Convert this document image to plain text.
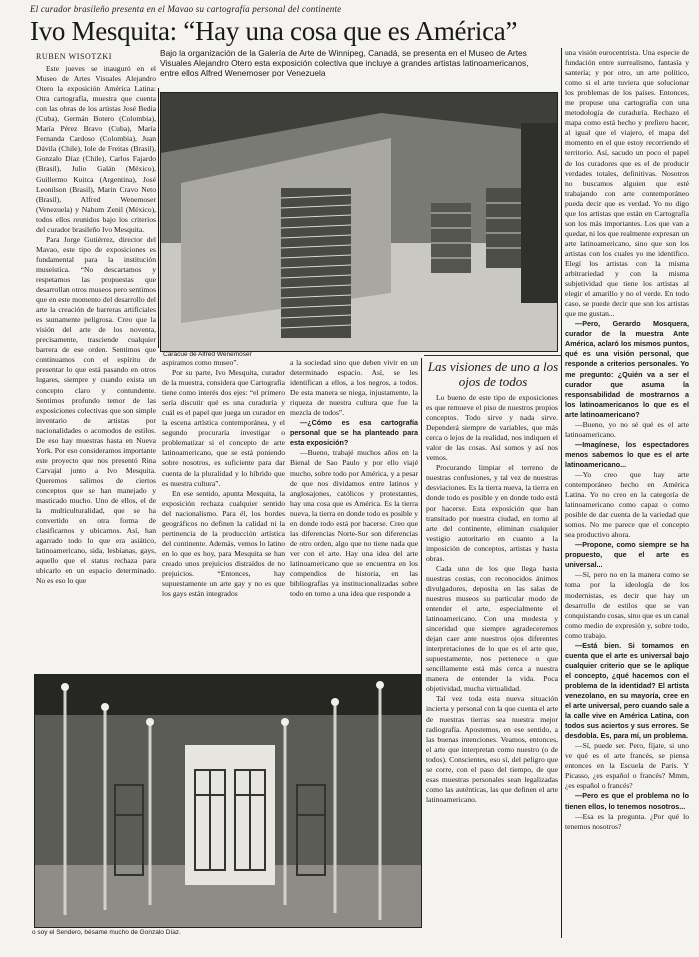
El curador brasileño presenta en el Mavao su cartografía personal del continente
Ivo Mesquita: “Hay una cosa que es América”
RUBEN WISOTZKI	Bajo la organización de la Galería de Arte de Winnipeg, Canadá, se presenta en el Museo de Artes Visuales Alejandro Otero esta exposición colectiva que incluye a grandes artistas latinoamericanos, entre ellos Alfred Wenemoser por Venezuela
Caracue de Alfred Wenemoser

Este jueves se inauguró en el Museo de Artes Visuales Alejandro Otero la exposición América Latina: Otra cartografía, muestra que cuenta con las obras de los artistas José Bedia (Cuba), Germán Botero (Colombia), María Pérez Bravo (Cuba), María Fernanda Cardoso (Colombia), Juan Dávila (Chile), Iole de Freitas (Brasil), Gonzalo Díaz (Chile), Carlos Fajardo (Brasil), Julio Galán (México), Guillermo Kuitca (Argentina), José Leonilson (Brasil), Marin Cravo Neto (Brasil), Alfred Wenemoser (Venezuela) y Nahum Zenil (México), todos ellos reunidos bajo los criterios del curador brasileño Ivo Mesquita.

Para Jorge Gutiérrez, director del Mavao, este tipo de exposiciones es fundamental para la institución museística. “No descartamos y respetamos las propuestas que desarrollan otros museos pero sentimos que en este momento del desarrollo del arte la creación de barreras artificiales es sumamente peligrosa. Creo que la visión del arte de los noventa, precisamente, trasciende cualquier barrera de ese orden. Sentimos que continuamos con el espíritu de presentar lo que está pasando en otros lugares, siempre y cuando exista un concepto claro y contundente. Sentimos profundo temor de las exposiciones colectivas que son simple inventario de artistas por nacionalidades o acomodos de estilos. De eso hay muestras hasta en Nueva York. Por eso consideramos importante este proyecto que nos presentó Rina Carvajal junto a Ivo Mesquita. Queremos salirnos de ciertos conceptos que se han manejado y masticado mucho. Uno de ellos, el de la multiculturalidad, que se ha convertido en otra forma de clasificarnos y ubicarnos. Así, han agarrado todo lo que era asiático, latinoamericano, sida, lesbianas, gays, aquello que el status rechaza para ubicarlo en un espacio determinado. No es eso lo que

aspiramos como museo”.

Por su parte, Ivo Mesquita, curador de la muestra, considera que Cartografía tiene como interés dos ejes: “el primero sería discutir qué es una curaduría y cuál es el papel que juega un curador en la escena artística contemporánea, y el segundo procuraría investigar o problematizar si el concepto de arte latinoamericano, que se está poniendo sobre nosotros, es suficiente para dar cuenta de la pluralidad y lo híbrido que es nuestra cultura”.

En ese sentido, apunta Mesquita, la exposición rechaza cualquier sentido del nacionalismo. Para él, los bordes geográficos no definen la calidad ni la pertinencia de la producción artística del continente. Además, vemos lo latino en lo que es hoy, para Mesquita se han creado unos prejuicios distraídos de no prejuicios. “Entonces, hay supuestamente un arte gay y no es que los gays están integrados

a la sociedad sino que deben vivir en un determinado espacio. Así, se les identifican a ellos, a los negros, a todos. De esta manera se niega, injustamente, la riqueza de nuestra cultura que fue la mezcla de todos”.

—¿Cómo es esa cartografía personal que se ha planteado para esta exposición?

—Bueno, trabajé muchos años en la Bienal de Sao Paulo y por ello viajé mucho, sobre todo por América, y a pesar de que nos dividamos entre latinos y anglosajones, católicos y protestantes, hay una cosa que es América. Es la tierra nueva, la tierra en donde todo es posible y en donde todo está por hacerse. Creo que las diferencias Norte-Sur son diferencias de otro orden, algo que no tiene nada que ver con el arte. Hay una idea del arte latinoamericano que se encuentra en los compendios de historia, en las bibliografías ya institucionalizadas sobre todo en torno a una idea que responde a

Las visiones de uno a los ojos de todos

Lo bueno de este tipo de exposiciones es que remueve el piso de nuestros propios conceptos. Todo sirve y nada sirve. Dependerá siempre de variables, que más cerca o lejos de la realidad, nos indiquen el valor de las cosas. Así somos y así nos vemos.

Procurando limpiar el terreno de nuestras confusiones, y tal vez de nuestras desviaciones. Es la tierra nueva, la tierra en donde todo es posible y en donde todo está por hacerse. Esta exposición que han transitado por nuestra ciudad, en torno al arte del continente, eliminan cualquier vestigio autoritario en cuanto a la imposición de conceptos, artistas y hasta obras.

Cada uno de los que llega hasta nuestras costas, con reconocidos ánimos divulgadores, deposita en las salas de nuestros museos su particular modo de entender el arte, especialmente el latinoamericano. Con una modesta y sinceridad que siempre agradeceremos dejan caer ante nuestros ojos diferentes interpretaciones de lo que es el arte que, supuestamente, nos pertenece o que sencillamente está más cerca a nuestra manera de entender la vida. Poca objetividad, mucha virtualidad.

Tal vez toda esta nueva situación incierta y personal con la que cuenta el arte de nuestras tierras sea nuestra mejor radiografía. Apostemos, en ese sentido, a las buenas intenciones. Veamos, entonces, el arte que interpretan como nuestro (o de todos). Conscientes, eso sí, del peligro que se corre, con el paso del tiempo, de que esas muestras personales sean legalizadas como las auténticas, las que definen el arte latinoamericano.

una visión eurocentrista. Una especie de fundación entre surrealismo, fantasía y santería; y por otro, un arte político, como si el arte tuviera que solucionar los problemas de los países. Entonces, me propuse una cartografía con una metodología de curaduría. Rechazo el mapa como está hecho y prefiero hacer, al igual que el viajero, el mapa del momento en el que estoy recorriendo el territorio. Así, sacudo un poco el papel de los curadores que es el de producir verdades totales, definitivas. Nosotros no buscamos alguien que esté trabajando con arte contemporáneo pueda decir que es verdad. Yo no digo que los artistas que están en Cartografía son los más importantes. Los que van a quedar, ni los que realmente expresan un arte latinoamericano, sino que son los artistas con los cuales yo me identifico. Elegí los artistas con la misma arbitrariedad y con la misma subjetividad que tiene los artistas al elegir el amarillo y no el verde. En todo caso, se puede decir que son los artistas que me gustan...

—Pero, Gerardo Mosquera, curador de la muestra Ante América, aclaró los mismos puntos, qué es una visión personal, que responde a criterios personales. Yo me pregunto: ¿Quién va a ser el curador que asuma la responsabilidad de mostrarnos a los latinoamericanos lo que es el arte latinoamericano?

—Bueno, yo no sé qué es el arte latinoamericano.

—Imagínese, los espectadores menos sabemos lo que es el arte latinoamericano...

—Yo creo que hay arte contemporáneo hecho en América Latina. Yo no creo en la categoría de latinoamericano como capaz o como posible de dar cuenta de la variedad que somos. No me parece que el concepto sea productivo ahora.

—Propone, como siempre se ha propuesto, que el arte es universal...

—Sí, pero no en la manera como se toma por la ideología de los modernistas, es decir que hay un desarrollo de estilos que se van conquistando cosas, sino que es un canal como medio de expresión y, sobre todo, como trabajo.

—Está bien. Si tomamos en cuenta que el arte es universal bajo cualquier criterio que se le aplique el concepto, ¿qué hacemos con el problema de la identidad? El artista venezolano, en su mayoría, cree en el arte universal, pero cuando sale a la calle vive en América Latina, con todos sus aciertos y sus errores. Se desdobla. Es, para mí, un problema.

—Sí, puede ser. Pero, fíjate, si uno ve qué es el arte francés, se piensa entonces en la Escuela de París. Y Picasso, ¿es español o francés? Mmm, ¿es español o francés?

—Pero es que el problema no lo tienen ellos, lo tenemos nosotros...

—Esa es la pregunta. ¿Por qué lo tenemos nosotros?

o soy el Sendero, bésame mucho de Gonzalo Díaz.
